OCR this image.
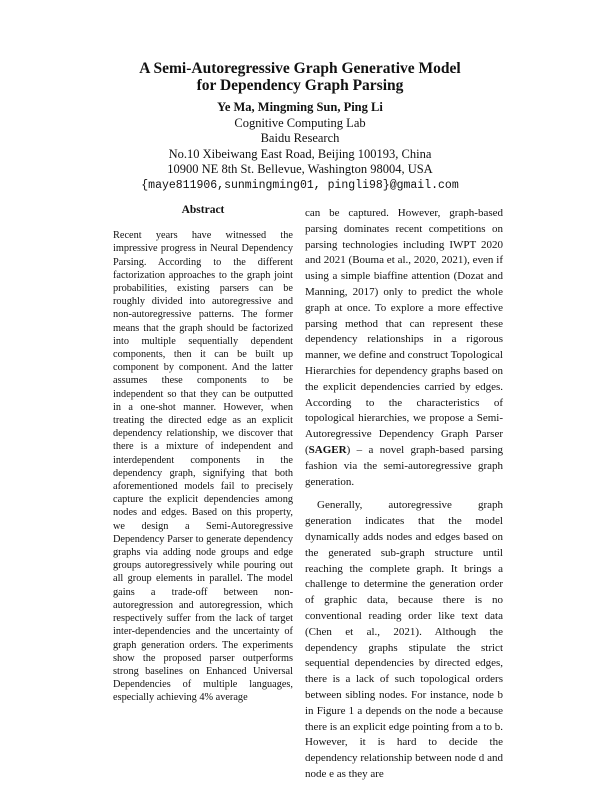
A Semi-Autoregressive Graph Generative Model
for Dependency Graph Parsing
Ye Ma, Mingming Sun, Ping Li
Cognitive Computing Lab
Baidu Research
No.10 Xibeiwang East Road, Beijing 100193, China
10900 NE 8th St. Bellevue, Washington 98004, USA
{maye811906,sunmingming01, pingli98}@gmail.com
Abstract
Recent years have witnessed the impressive progress in Neural Dependency Parsing. According to the different factorization approaches to the graph joint probabilities, existing parsers can be roughly divided into autoregressive and non-autoregressive patterns. The former means that the graph should be factorized into multiple sequentially dependent components, then it can be built up component by component. And the latter assumes these components to be independent so that they can be outputted in a one-shot manner. However, when treating the directed edge as an explicit dependency relationship, we discover that there is a mixture of independent and interdependent components in the dependency graph, signifying that both aforementioned models fail to precisely capture the explicit dependencies among nodes and edges. Based on this property, we design a Semi-Autoregressive Dependency Parser to generate dependency graphs via adding node groups and edge groups autoregressively while pouring out all group elements in parallel. The model gains a trade-off between non-autoregression and autoregression, which respectively suffer from the lack of target inter-dependencies and the uncertainty of graph generation orders. The experiments show the proposed parser outperforms strong baselines on Enhanced Universal Dependencies of multiple languages, especially achieving 4% average

can be captured. However, graph-based parsing dominates recent competitions on parsing technologies including IWPT 2020 and 2021 (Bouma et al., 2020, 2021), even if using a simple biaffine attention (Dozat and Manning, 2017) only to predict the whole graph at once. To explore a more effective parsing method that can represent these dependency relationships in a rigorous manner, we define and construct Topological Hierarchies for dependency graphs based on the explicit dependencies carried by edges. According to the characteristics of topological hierarchies, we propose a Semi-Autoregressive Dependency Graph Parser (SAGER) – a novel graph-based parsing fashion via the semi-autoregressive graph generation.

Generally, autoregressive graph generation indicates that the model dynamically adds nodes and edges based on the generated sub-graph structure until reaching the complete graph. It brings a challenge to determine the generation order of graphic data, because there is no conventional reading order like text data (Chen et al., 2021). Although the dependency graphs stipulate the strict sequential dependencies by directed edges, there is a lack of such topological orders between sibling nodes. For instance, node b in Figure 1 a depends on the node a because there is an explicit edge pointing from a to b. However, it is hard to decide the dependency relationship between node d and node e as they are
